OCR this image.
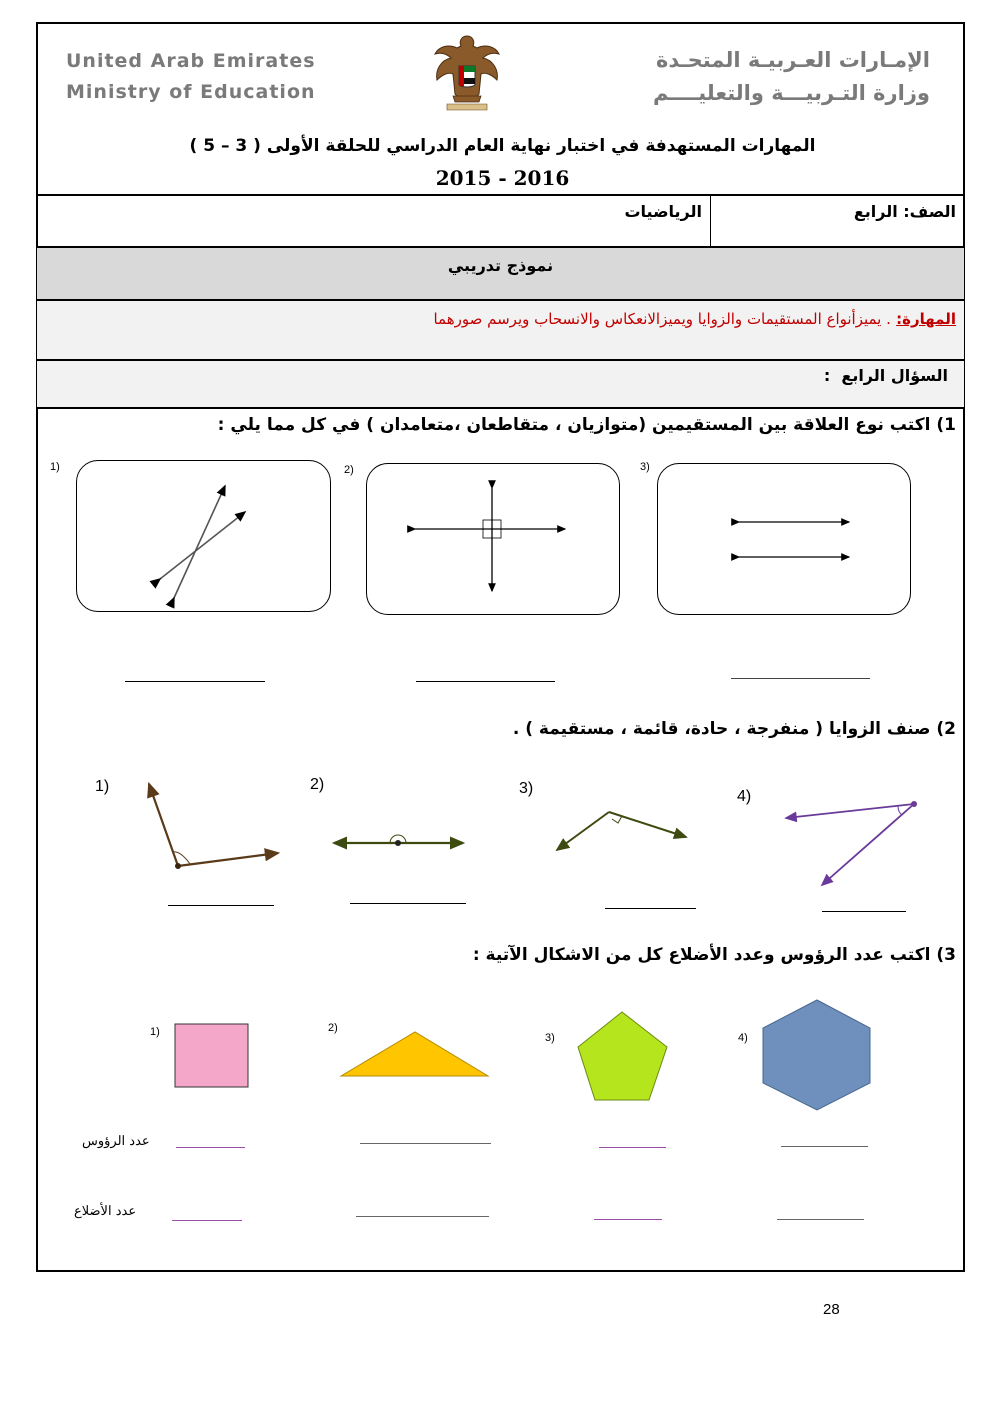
United Arab Emirates
Ministry of Education
الإمـارات العـربيـة المتحـدة
وزارة التـربيـــة والتعليــــم
المهارات المستهدفة في اختبار نهاية العام الدراسي للحلقة الأولى ( 3 – 5 )
2015 - 2016
الصف: الرابع
الرياضيات
نموذج تدريبي
المهارة: . يميزأنواع المستقيمات والزوايا ويميزالانعكاس والانسحاب ويرسم صورهما
السؤال الرابع  :
1) اكتب نوع العلاقة بين المستقيمين (متوازيان ، متقاطعان ،متعامدان ) في كل مما يلي :
1)	2)	3)
2) صنف الزوايا ( منفرجة ، حادة، قائمة ، مستقيمة ) .
1)	2)	3)	4)
3) اكتب عدد الرؤوس وعدد الأضلاع كل من الاشكال الآتية :
1)	2)
3)	4)
عدد الرؤوس
عدد الأضلاع
28
